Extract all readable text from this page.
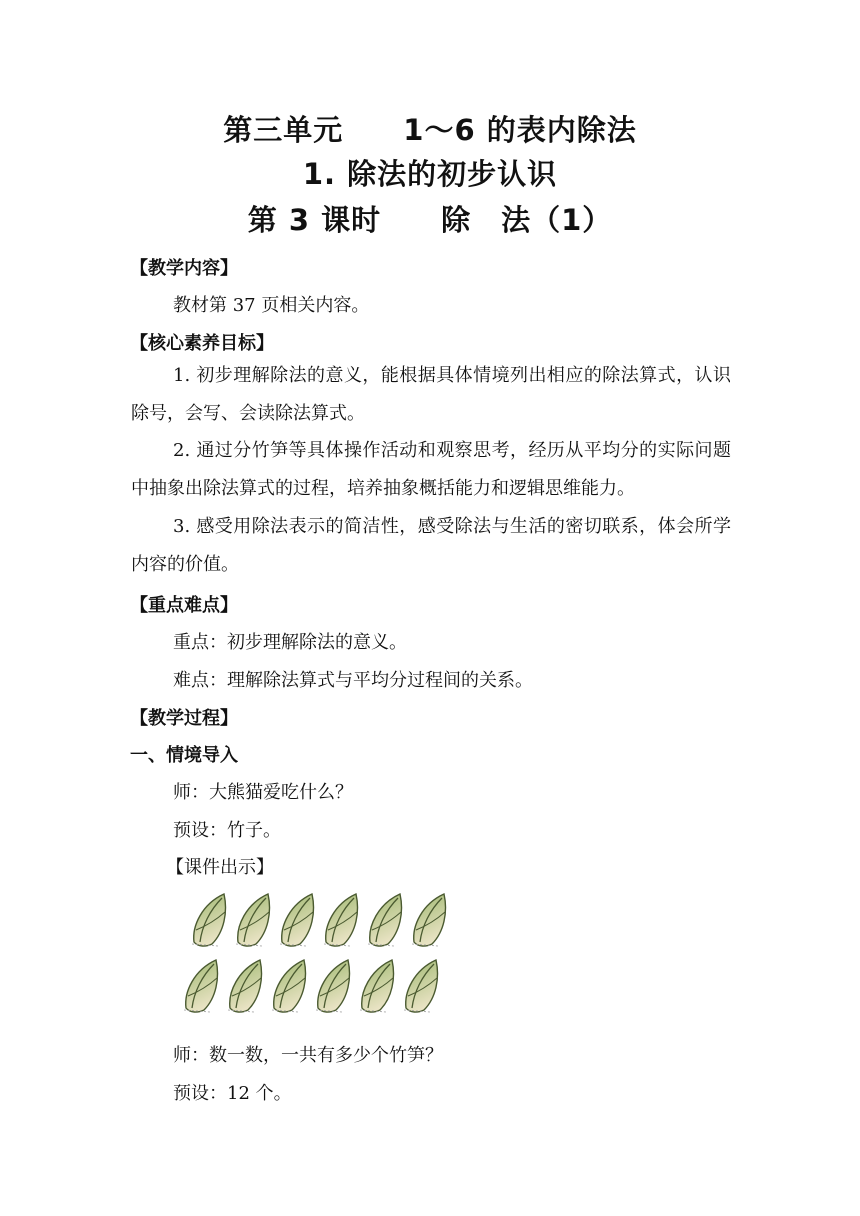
第三单元　　1～6 的表内除法
1. 除法的初步认识
第 3 课时　　除　法（1）
【教学内容】
教材第 37 页相关内容。
【核心素养目标】
1. 初步理解除法的意义，能根据具体情境列出相应的除法算式，认识除号，会写、会读除法算式。
2. 通过分竹笋等具体操作活动和观察思考，经历从平均分的实际问题中抽象出除法算式的过程，培养抽象概括能力和逻辑思维能力。
3. 感受用除法表示的简洁性，感受除法与生活的密切联系，体会所学内容的价值。
【重点难点】
重点：初步理解除法的意义。
难点：理解除法算式与平均分过程间的关系。
【教学过程】
一、情境导入
师：大熊猫爱吃什么？
预设：竹子。
【课件出示】
师：数一数，一共有多少个竹笋？
预设：12 个。
